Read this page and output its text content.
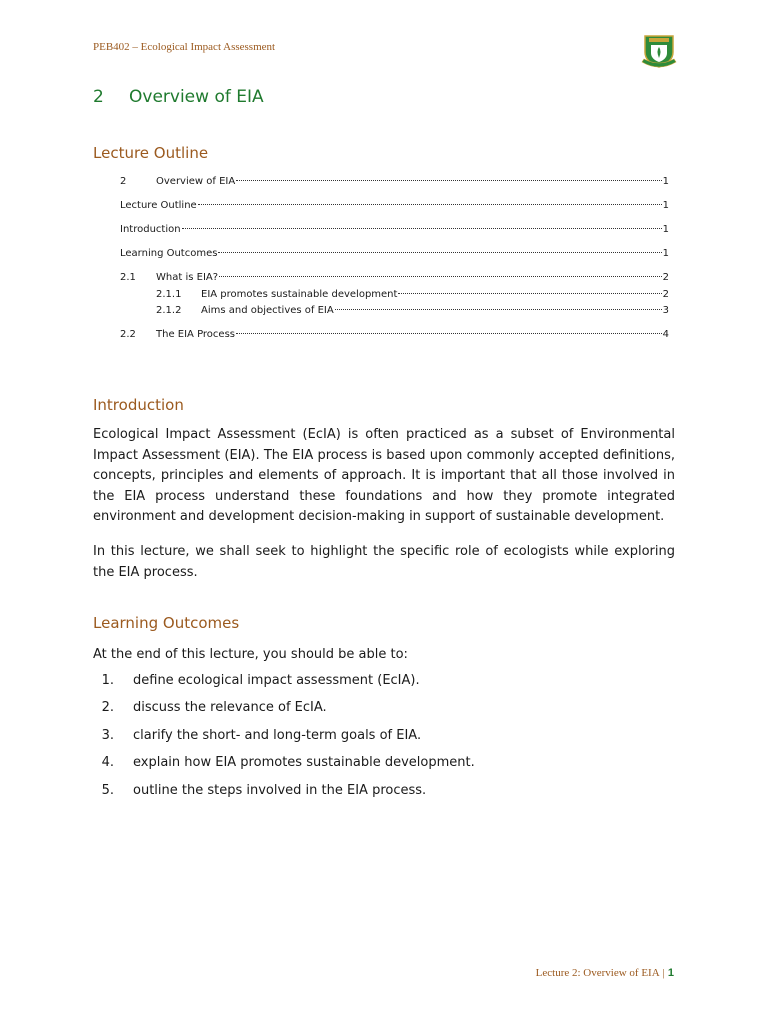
PEB402 – Ecological Impact Assessment
2 Overview of EIA
Lecture Outline
2	Overview of EIA	1
Lecture Outline	1
Introduction	1
Learning Outcomes	1
2.1	What is EIA?	2
2.1.1	EIA promotes sustainable development	2
2.1.2	Aims and objectives of EIA	3
2.2	The EIA Process	4
Introduction

Ecological Impact Assessment (EcIA) is often practiced as a subset of Environmental Impact Assessment (EIA). The EIA process is based upon commonly accepted definitions, concepts, principles and elements of approach. It is important that all those involved in the EIA process understand these foundations and how they promote integrated environment and development decision-making in support of sustainable development.

In this lecture, we shall seek to highlight the specific role of ecologists while exploring the EIA process.

Learning Outcomes

At the end of this lecture, you should be able to:

1. define ecological impact assessment (EcIA).
2. discuss the relevance of EcIA.
3. clarify the short- and long-term goals of EIA.
4. explain how EIA promotes sustainable development.
5. outline the steps involved in the EIA process.
Lecture 2: Overview of EIA | 1
